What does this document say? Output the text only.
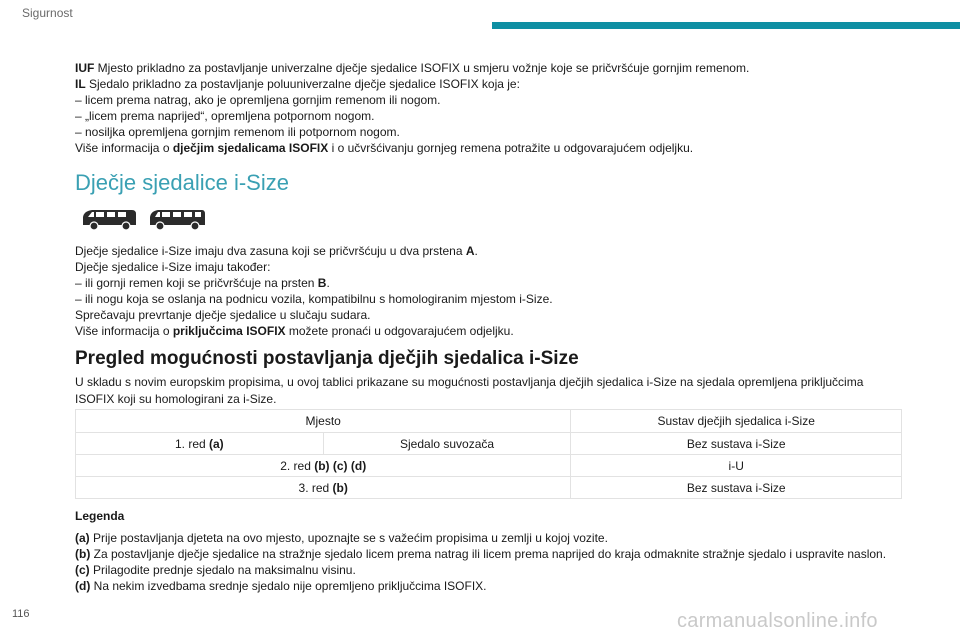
Sigurnost

IUF Mjesto prikladno za postavljanje univerzalne dječje sjedalice ISOFIX u smjeru vožnje koje se pričvršćuje gornjim remenom.

IL Sjedalo prikladno za postavljanje poluuniverzalne dječje sjedalice ISOFIX koja je:

– licem prema natrag, ako je opremljena gornjim remenom ili nogom.

– „licem prema naprijed“, opremljena potpornom nogom.

– nosiljka opremljena gornjim remenom ili potpornom nogom.

Više informacija o dječjim sjedalicama ISOFIX i o učvršćivanju gornjeg remena potražite u odgovarajućem odjeljku.

Dječje sjedalice i-Size

Dječje sjedalice i-Size imaju dva zasuna koji se pričvršćuju u dva prstena A.

Dječje sjedalice i-Size imaju također:

– ili gornji remen koji se pričvršćuje na prsten B.

– ili nogu koja se oslanja na podnicu vozila, kompatibilnu s homologiranim mjestom i-Size.

Sprečavaju prevrtanje dječje sjedalice u slučaju sudara.

Više informacija o priključcima ISOFIX možete pronaći u odgovarajućem odjeljku.

Pregled mogućnosti postavljanja dječjih sjedalica i-Size

U skladu s novim europskim propisima, u ovoj tablici prikazane su mogućnosti postavljanja dječjih sjedalica i-Size na sjedala opremljena priključcima ISOFIX koji su homologirani za i-Size.

Mjesto		Sustav dječjih sjedalica i-Size
1. red (a)	Sjedalo suvozača	Bez sustava i-Size
2. red (b) (c) (d)		i-U
3. red (b)		Bez sustava i-Size

Legenda

(a) Prije postavljanja djeteta na ovo mjesto, upoznajte se s važećim propisima u zemlji u kojoj vozite.

(b) Za postavljanje dječje sjedalice na stražnje sjedalo licem prema natrag ili licem prema naprijed do kraja odmaknite stražnje sjedalo i uspravite naslon.

(c) Prilagodite prednje sjedalo na maksimalnu visinu.

(d) Na nekim izvedbama srednje sjedalo nije opremljeno priključcima ISOFIX.

116	carmanualsonline.info
